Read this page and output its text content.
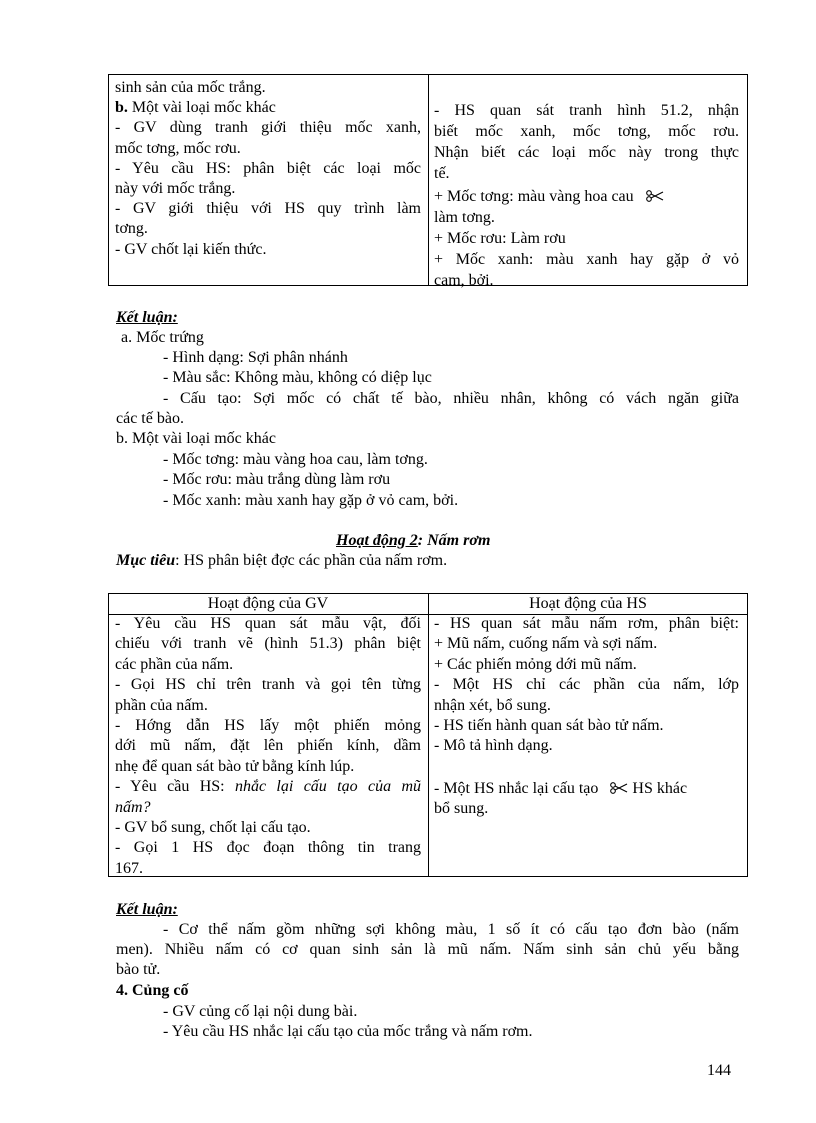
sinh sản của mốc trắng.
b. Một vài loại mốc khác
- GV dùng tranh giới thiệu mốc xanh,
mốc tơng, mốc rơu.
- Yêu cầu HS: phân biệt các loại mốc
này với mốc trắng.
- GV giới thiệu với HS quy trình làm
tơng.
- GV chốt lại kiến thức.
- HS quan sát tranh hình 51.2, nhận
biết mốc xanh, mốc tơng, mốc rơu.
Nhận biết các loại mốc này trong thực
tế.
+ Mốc tơng: màu vàng hoa cau
làm tơng.
+ Mốc rơu: Làm rơu
+ Mốc xanh: màu xanh hay gặp ở vỏ
cam, bởi.
Kết luận:
a. Mốc trứng
- Hình dạng: Sợi phân nhánh
- Màu sắc: Không màu, không có diệp lục
- Cấu tạo: Sợi mốc có chất tế bào, nhiều nhân, không có vách ngăn giữa
các tế bào.
b. Một vài loại mốc khác
- Mốc tơng: màu vàng hoa cau, làm tơng.
- Mốc rơu: màu trắng dùng làm rơu
- Mốc xanh: màu xanh hay gặp ở vỏ cam, bởi.
Hoạt động 2: Nấm rơm
Mục tiêu: HS phân biệt đợc các phần của nấm rơm.
Hoạt động của GV	Hoạt động của HS
- Yêu cầu HS quan sát mẫu vật, đối
chiếu với tranh vẽ (hình 51.3) phân biệt
các phần của nấm.
- Gọi HS chỉ trên tranh và gọi tên từng
phần của nấm.
- Hớng dẫn HS lấy một phiến mỏng
dới mũ nấm, đặt lên phiến kính, dầm
nhẹ để quan sát bào tử bằng kính lúp.
- Yêu cầu HS: nhắc lại cấu tạo của mũ
nấm?
- GV bổ sung, chốt lại cấu tạo.
- Gọi 1 HS đọc đoạn thông tin trang
167.
- HS quan sát mẫu nấm rơm, phân biệt:
+ Mũ nấm, cuống nấm và sợi nấm.
+ Các phiến mỏng dới mũ nấm.
- Một HS chỉ các phần của nấm, lớp
nhận xét, bổ sung.
- HS tiến hành quan sát bào tử nấm.
- Mô tả hình dạng.
- Một HS nhắc lại cấu tạo  HS khác
bổ sung.
Kết luận:
- Cơ thể nấm gồm những sợi không màu, 1 số ít có cấu tạo đơn bào (nấm
men). Nhiều nấm có cơ quan sinh sản là mũ nấm. Nấm sinh sản chủ yếu bằng
bào tử.
4. Củng cố
- GV củng cố lại nội dung bài.
- Yêu cầu HS nhắc lại cấu tạo của mốc trắng và nấm rơm.
144
